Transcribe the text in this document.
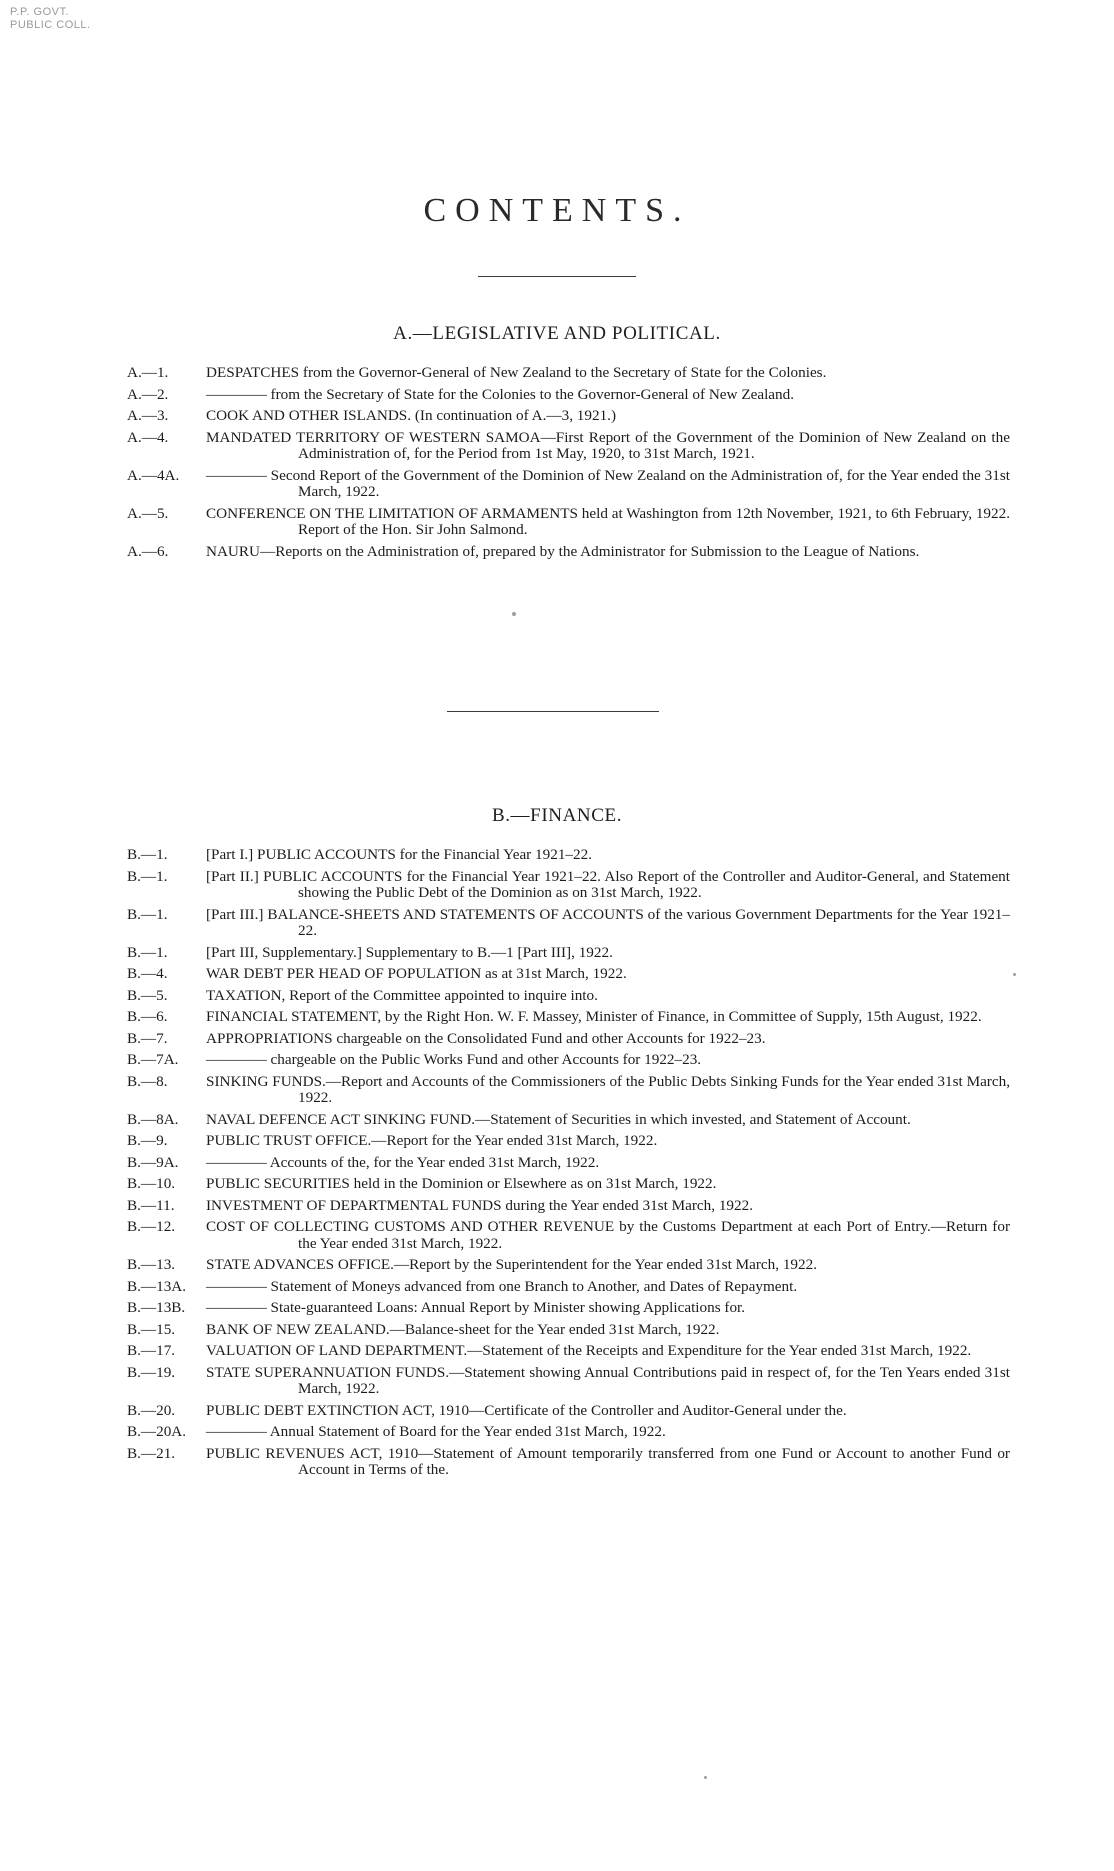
P.P. GOVT.
PUBLIC COLL.
CONTENTS.
A.—LEGISLATIVE AND POLITICAL.
A.—1. DESPATCHES from the Governor-General of New Zealand to the Secretary of State for the Colonies.
A.—2. ———— from the Secretary of State for the Colonies to the Governor-General of New Zealand.
A.—3. COOK AND OTHER ISLANDS. (In continuation of A.—3, 1921.)
A.—4. MANDATED TERRITORY OF WESTERN SAMOA—First Report of the Government of the Dominion of New Zealand on the Administration of, for the Period from 1st May, 1920, to 31st March, 1921.
A.—4A. ———— Second Report of the Government of the Dominion of New Zealand on the Administration of, for the Year ended the 31st March, 1922.
A.—5. CONFERENCE ON THE LIMITATION OF ARMAMENTS held at Washington from 12th November, 1921, to 6th February, 1922. Report of the Hon. Sir John Salmond.
A.—6. NAURU—Reports on the Administration of, prepared by the Administrator for Submission to the League of Nations.
B.—FINANCE.
B.—1.	[Part I.] PUBLIC ACCOUNTS for the Financial Year 1921–22.
B.—1.	[Part II.] PUBLIC ACCOUNTS for the Financial Year 1921–22. Also Report of the Controller and Auditor-General, and Statement showing the Public Debt of the Dominion as on 31st March, 1922.
B.—1.	[Part III.] BALANCE-SHEETS AND STATEMENTS OF ACCOUNTS of the various Government Departments for the Year 1921–22.
B.—1.	[Part III, Supplementary.] Supplementary to B.—1 [Part III], 1922.
B.—4.	WAR DEBT PER HEAD OF POPULATION as at 31st March, 1922.
B.—5.	TAXATION, Report of the Committee appointed to inquire into.
B.—6.	FINANCIAL STATEMENT, by the Right Hon. W. F. Massey, Minister of Finance, in Committee of Supply, 15th August, 1922.
B.—7.	APPROPRIATIONS chargeable on the Consolidated Fund and other Accounts for 1922–23.
B.—7A. ———— chargeable on the Public Works Fund and other Accounts for 1922–23.
B.—8.	SINKING FUNDS.—Report and Accounts of the Commissioners of the Public Debts Sinking Funds for the Year ended 31st March, 1922.
B.—8A. NAVAL DEFENCE ACT SINKING FUND.—Statement of Securities in which invested, and Statement of Account.
B.—9.	PUBLIC TRUST OFFICE.—Report for the Year ended 31st March, 1922.
B.—9A. ———— Accounts of the, for the Year ended 31st March, 1922.
B.—10. PUBLIC SECURITIES held in the Dominion or Elsewhere as on 31st March, 1922.
B.—11. INVESTMENT OF DEPARTMENTAL FUNDS during the Year ended 31st March, 1922.
B.—12. COST OF COLLECTING CUSTOMS AND OTHER REVENUE by the Customs Department at each Port of Entry.—Return for the Year ended 31st March, 1922.
B.—13. STATE ADVANCES OFFICE.—Report by the Superintendent for the Year ended 31st March, 1922.
B.—13A. ———— Statement of Moneys advanced from one Branch to Another, and Dates of Repayment.
B.—13B. ———— State-guaranteed Loans: Annual Report by Minister showing Applications for.
B.—15. BANK OF NEW ZEALAND.—Balance-sheet for the Year ended 31st March, 1922.
B.—17. VALUATION OF LAND DEPARTMENT.—Statement of the Receipts and Expenditure for the Year ended 31st March, 1922.
B.—19. STATE SUPERANNUATION FUNDS.—Statement showing Annual Contributions paid in respect of, for the Ten Years ended 31st March, 1922.
B.—20. PUBLIC DEBT EXTINCTION ACT, 1910—Certificate of the Controller and Auditor-General under the.
B.—20A. ———— Annual Statement of Board for the Year ended 31st March, 1922.
B.—21. PUBLIC REVENUES ACT, 1910—Statement of Amount temporarily transferred from one Fund or Account to another Fund or Account in Terms of the.
